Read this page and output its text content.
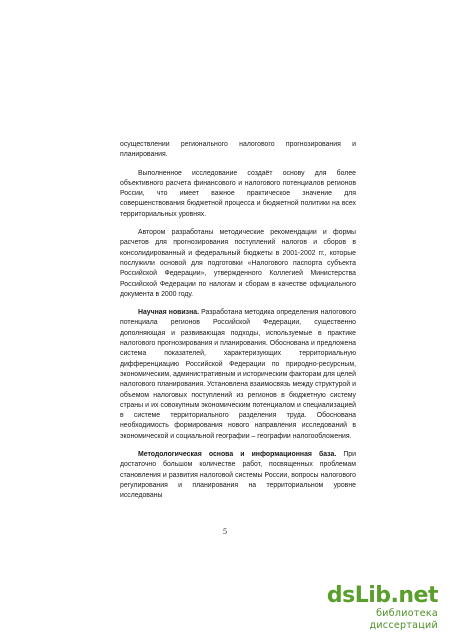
осуществлении регионального налогового прогнозирования и планирования.

Выполненное исследование создаёт основу для более объективного расчета финансового и налогового потенциалов регионов России, что имеет важное практическое значение для совершенствования бюджетной процесса и бюджетной политики на всех территориальных уровнях.

Автором разработаны методические рекомендации и формы расчетов для прогнозирования поступлений налогов и сборов в консолидированный и федеральный бюджеты в 2001-2002 гг., которые послужили основой для подготовки «Налогового паспорта субъекта Российской Федерации», утвержденного Коллегией Министерства Российской Федерации по налогам и сборам в качестве официального документа в 2000 году.

Научная новизна. Разработана методика определения налогового потенциала регионов Российской Федерации, существенно дополняющая и развивающая подходы, используемые в практике налогового прогнозирования и планирования. Обоснована и предложена система показателей, характеризующих территориальную дифференциацию Российской Федерации по природно-ресурсным, экономическим, административным и историческим факторам для целей налогового планирования. Установлена взаимосвязь между структурой и объемом налоговых поступлений из регионов в бюджетную систему страны и их совокупным экономическим потенциалом и специализацией в системе территориального разделения труда. Обоснована необходимость формирования нового направления исследований в экономической и социальной географии – географии налогообложения.

Методологическая основа и информационная база. При достаточно большом количестве работ, посвященных проблемам становления и развития налоговой системы России, вопросы налогового регулирования и планирования на территориальном уровне исследованы

5
dsLib.net
библиотека диссертаций
